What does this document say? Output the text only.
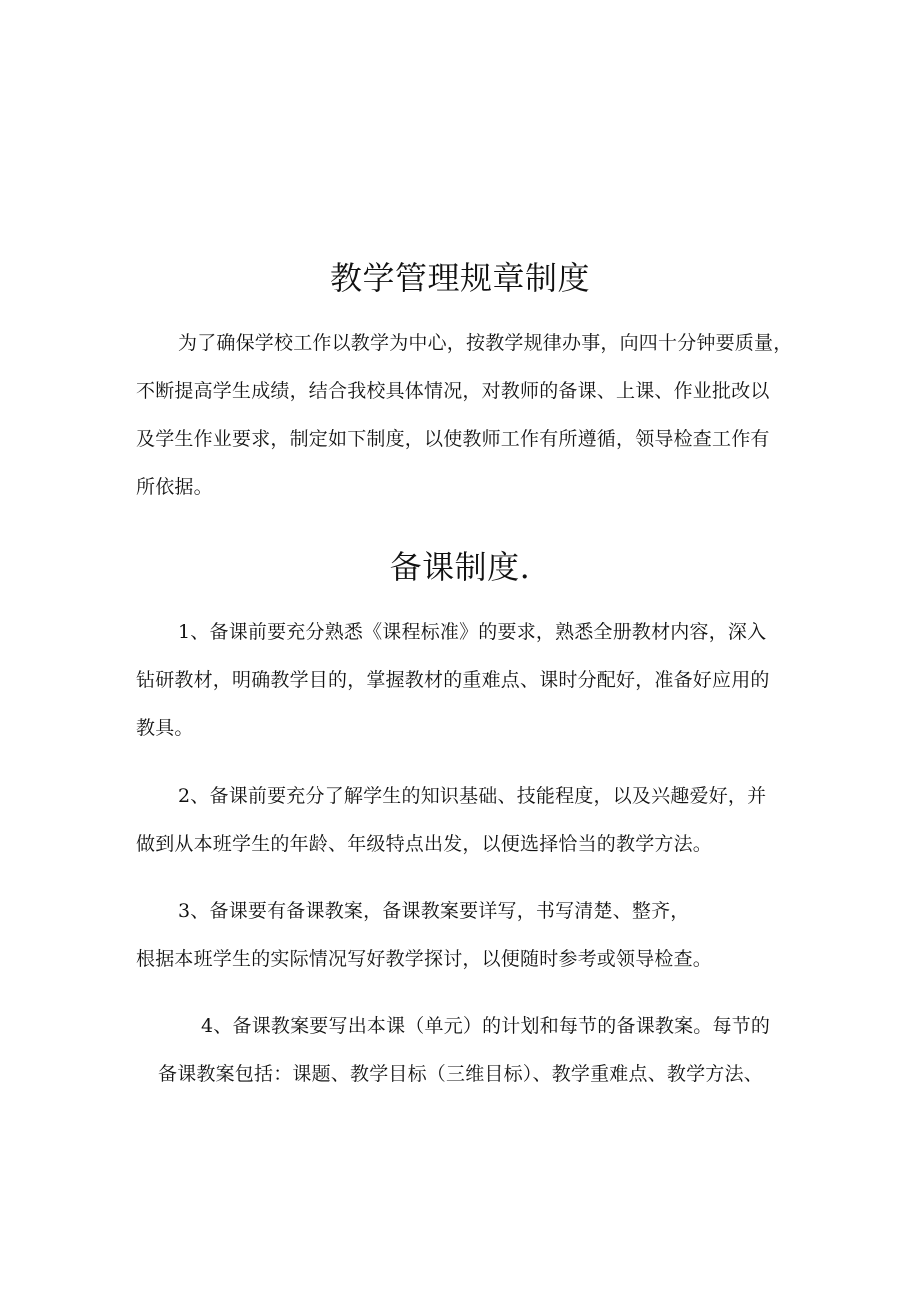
教学管理规章制度
为了确保学校工作以教学为中心，按教学规律办事，向四十分钟要质量，
不断提高学生成绩，结合我校具体情况，对教师的备课、上课、作业批改以
及学生作业要求，制定如下制度，以使教师工作有所遵循，领导检查工作有
所依据。
备课制度.
1、备课前要充分熟悉《课程标准》的要求，熟悉全册教材内容，深入
钻研教材，明确教学目的，掌握教材的重难点、课时分配好，准备好应用的
教具。
2、备课前要充分了解学生的知识基础、技能程度，以及兴趣爱好，并
做到从本班学生的年龄、年级特点出发，以便选择恰当的教学方法。
3、备课要有备课教案，备课教案要详写，书写清楚、整齐，
根据本班学生的实际情况写好教学探讨，以便随时参考或领导检查。
4、备课教案要写出本课（单元）的计划和每节的备课教案。每节的
备课教案包括：课题、教学目标（三维目标）、教学重难点、教学方法、
